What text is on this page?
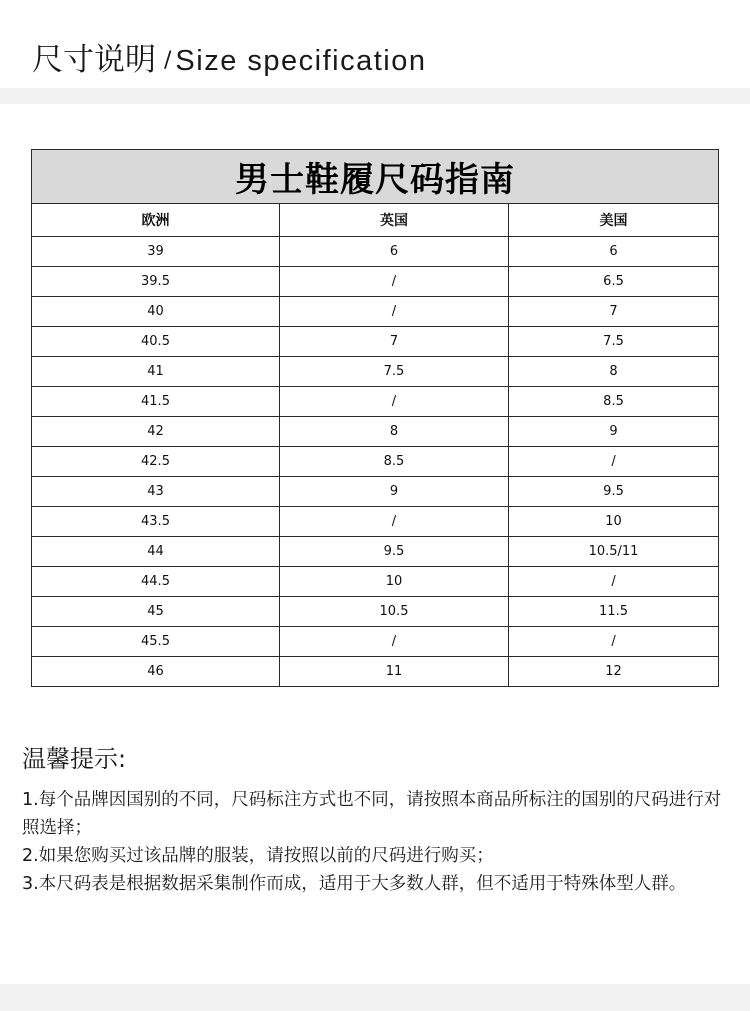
尺寸说明 / Size specification
男士鞋履尺码指南		
欧洲	英国	美国
39	6	6
39.5	/	6.5
40	/	7
40.5	7	7.5
41	7.5	8
41.5	/	8.5
42	8	9
42.5	8.5	/
43	9	9.5
43.5	/	10
44	9.5	10.5/11
44.5	10	/
45	10.5	11.5
45.5	/	/
46	11	12
温馨提示:

1.每个品牌因国别的不同，尺码标注方式也不同，请按照本商品所标注的国别的尺码进行对照选择；

2.如果您购买过该品牌的服装，请按照以前的尺码进行购买；

3.本尺码表是根据数据采集制作而成，适用于大多数人群，但不适用于特殊体型人群。
